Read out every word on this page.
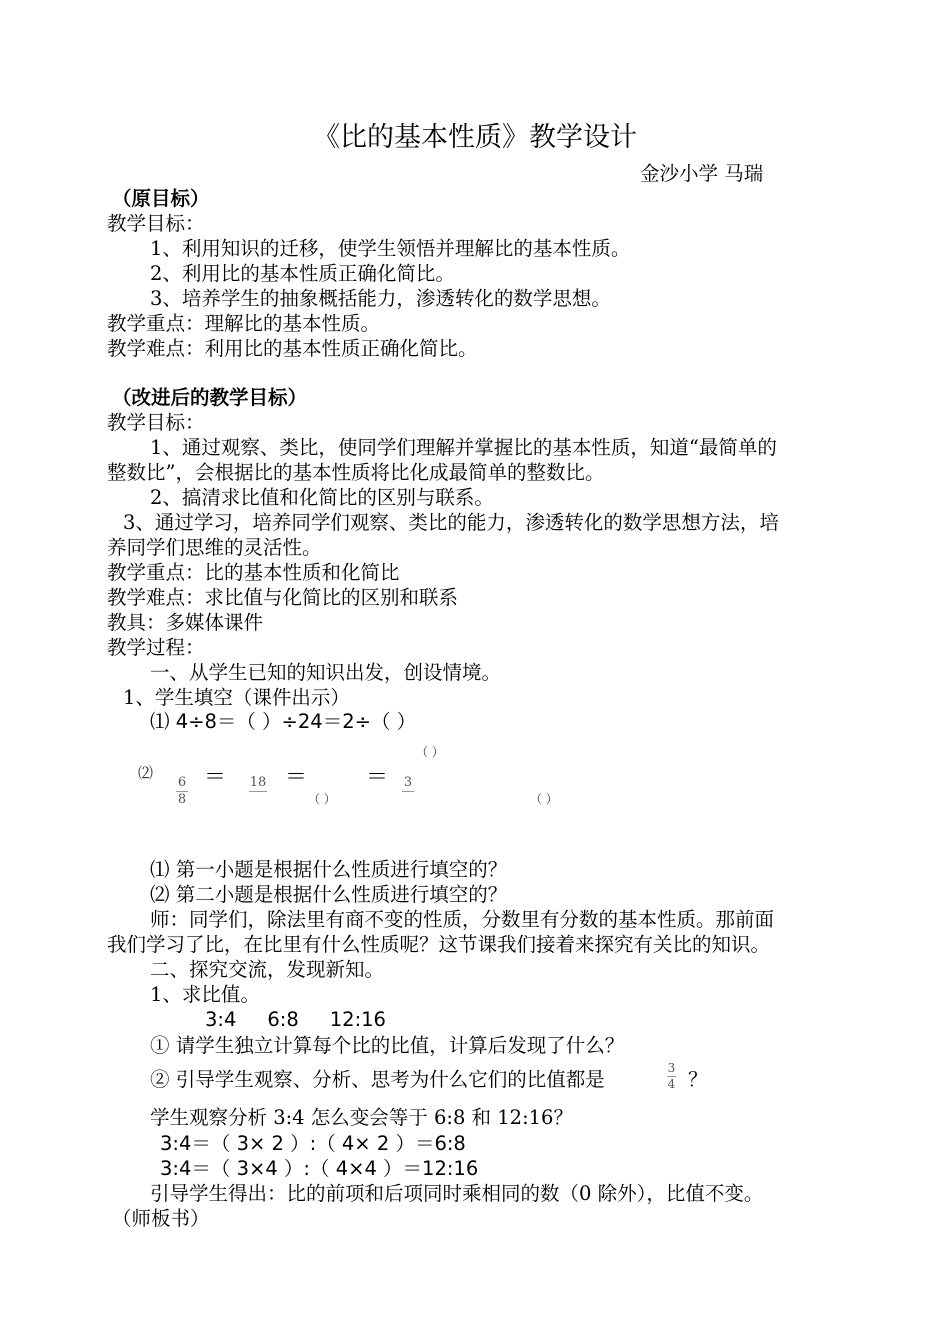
《比的基本性质》教学设计
金沙小学 马瑞
（原目标）
教学目标：
1、利用知识的迁移，使学生领悟并理解比的基本性质。
2、利用比的基本性质正确化简比。
3、培养学生的抽象概括能力，渗透转化的数学思想。
教学重点：理解比的基本性质。
教学难点：利用比的基本性质正确化简比。
（改进后的教学目标）
教学目标：
1、通过观察、类比，使同学们理解并掌握比的基本性质，知道“最简单的
整数比”，会根据比的基本性质将比化成最简单的整数比。
2、搞清求比值和化简比的区别与联系。
3、通过学习，培养同学们观察、类比的能力，渗透转化的数学思想方法，培
养同学们思维的灵活性。
教学重点：比的基本性质和化简比
教学难点：求比值与化简比的区别和联系
教具：多媒体课件
教学过程：
一、从学生已知的知识出发，创设情境。
1、学生填空（课件出示）
⑴ 4÷8＝（ ）÷24＝2÷（ ）
⑵
6
8
＝ 18
（ ）
＝	＝
（ ）
3
（ ）
⑴ 第一小题是根据什么性质进行填空的？
⑵ 第二小题是根据什么性质进行填空的？
师：同学们，除法里有商不变的性质，分数里有分数的基本性质。那前面
我们学习了比，在比里有什么性质呢？这节课我们接着来探究有关比的知识。
二、探究交流，发现新知。
1、求比值。
3:4     6:8     12:16
① 请学生独立计算每个比的比值，计算后发现了什么？
② 引导学生观察、分析、思考为什么它们的比值都是	3
4 ？
学生观察分析 3:4 怎么变会等于 6:8 和 12:16？
3:4＝（ 3× 2 ）:（ 4× 2 ）＝6:8
3:4＝（ 3×4 ）:（ 4×4 ）＝12:16
引导学生得出：比的前项和后项同时乘相同的数（0 除外），比值不变。
（师板书）
